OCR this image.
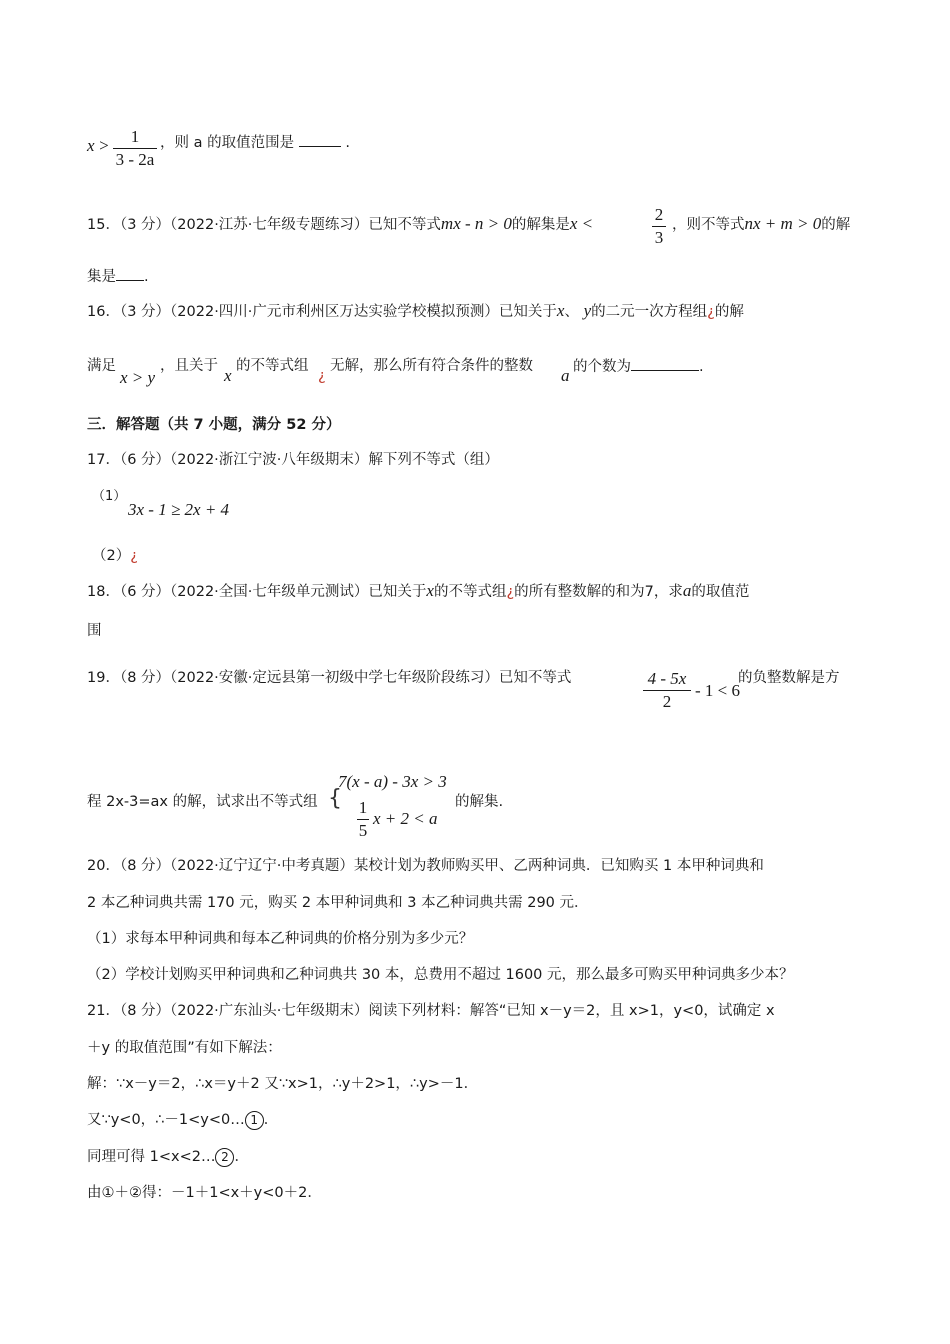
x >	1
3 - 2a
，则 a 的取值范围是	.
15．（3 分）（2022·江苏·七年级专题练习）已知不等式mx - n > 0的解集是x <	2
3
，则不等式nx + m > 0的解
集是 .
16．（3 分）（2022·四川·广元市利州区万达实验学校模拟预测）已知关于x、 y的二元一次方程组¿的解
满足
x > y
，且关于 x 的不等式组
¿
无解，那么所有符合条件的整数 a 的个数为	.
三．解答题（共 7 小题，满分 52 分）
17．（6 分）（2022·浙江宁波·八年级期末）解下列不等式（组）
（1）
3x - 1 ≥ 2x + 4
（2）¿
18．（6 分）（2022·全国·七年级单元测试）已知关于x的不等式组¿的所有整数解的和为7，求a的取值范
围
19．（8 分）（2022·安徽·定远县第一初级中学七年级阶段练习）已知不等式	4 - 5x
2
- 1 < 6
的负整数解是方
程 2x-3=ax 的解，试求出不等式组 {
7(x - a) - 3x > 3
1
5
x + 2 < a
的解集.
20．（8 分）（2022·辽宁辽宁·中考真题）某校计划为教师购买甲、乙两种词典．已知购买 1 本甲种词典和
2 本乙种词典共需 170 元，购买 2 本甲种词典和 3 本乙种词典共需 290 元．
（1）求每本甲种词典和每本乙种词典的价格分别为多少元？
（2）学校计划购买甲种词典和乙种词典共 30 本，总费用不超过 1600 元，那么最多可购买甲种词典多少本？
21．（8 分）（2022·广东汕头·七年级期末）阅读下列材料：解答“已知 x－y＝2，且 x>1，y<0，试确定 x
＋y 的取值范围”有如下解法：
解：∵x－y＝2，∴x＝y＋2 又∵x>1，∴y＋2>1，∴y>－1．
又∵y<0，∴－1<y<0… 1 ．
同理可得 1<x<2… 2 ．
由①＋②得：－1＋1<x＋y<0＋2．
